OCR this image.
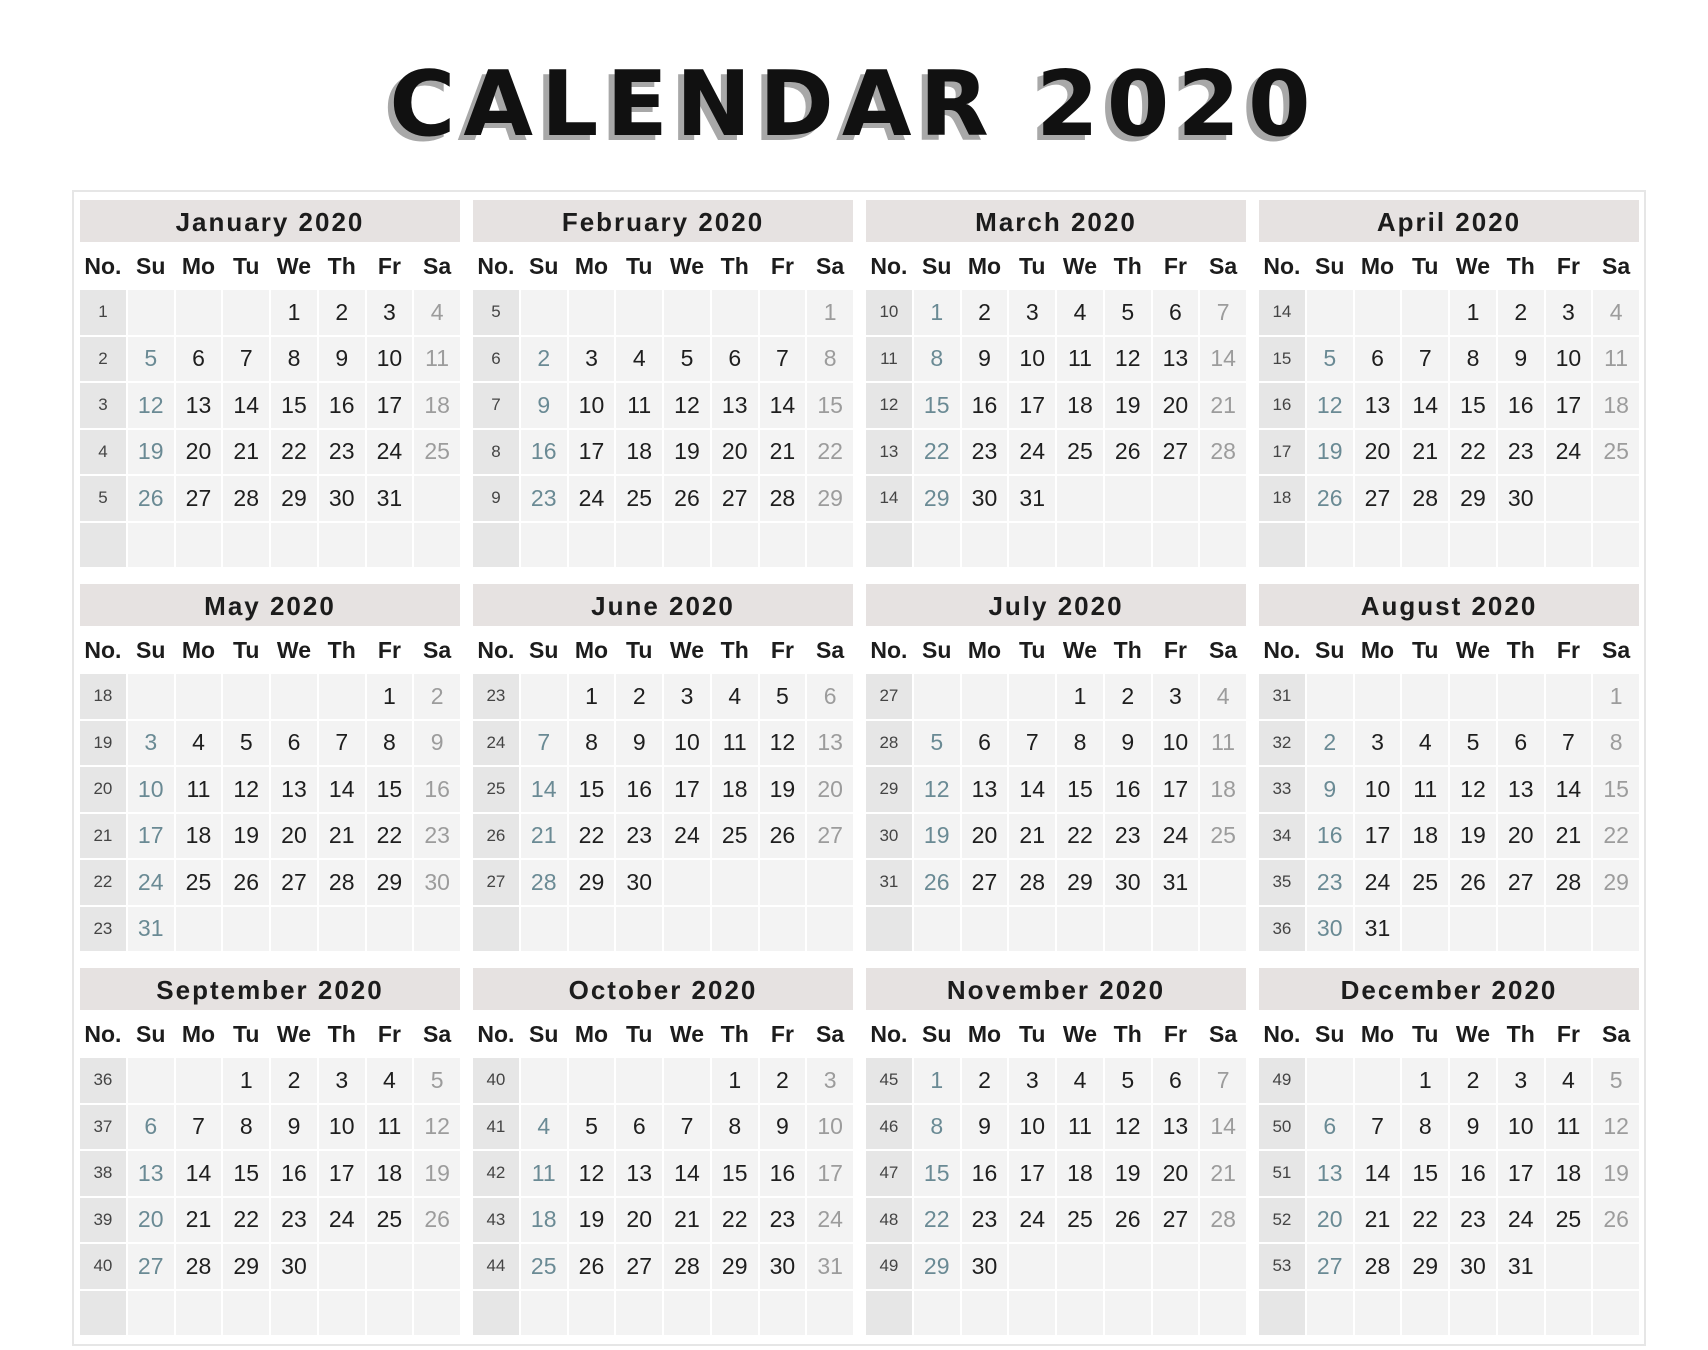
CALENDAR 2020
January 2020
No.	Su	Mo	Tu	We	Th	Fr	Sa
1				1	2	3	4
2	5	6	7	8	9	10	11
3	12	13	14	15	16	17	18
4	19	20	21	22	23	24	25
5	26	27	28	29	30	31	

February 2020
No.	Su	Mo	Tu	We	Th	Fr	Sa
5							1
6	2	3	4	5	6	7	8
7	9	10	11	12	13	14	15
8	16	17	18	19	20	21	22
9	23	24	25	26	27	28	29

March 2020
No.	Su	Mo	Tu	We	Th	Fr	Sa
10	1	2	3	4	5	6	7
11	8	9	10	11	12	13	14
12	15	16	17	18	19	20	21
13	22	23	24	25	26	27	28
14	29	30	31				

April 2020
No.	Su	Mo	Tu	We	Th	Fr	Sa
14				1	2	3	4
15	5	6	7	8	9	10	11
16	12	13	14	15	16	17	18
17	19	20	21	22	23	24	25
18	26	27	28	29	30		

May 2020
No.	Su	Mo	Tu	We	Th	Fr	Sa
18						1	2
19	3	4	5	6	7	8	9
20	10	11	12	13	14	15	16
21	17	18	19	20	21	22	23
22	24	25	26	27	28	29	30
23	31						
June 2020
No.	Su	Mo	Tu	We	Th	Fr	Sa
23		1	2	3	4	5	6
24	7	8	9	10	11	12	13
25	14	15	16	17	18	19	20
26	21	22	23	24	25	26	27
27	28	29	30				

July 2020
No.	Su	Mo	Tu	We	Th	Fr	Sa
27				1	2	3	4
28	5	6	7	8	9	10	11
29	12	13	14	15	16	17	18
30	19	20	21	22	23	24	25
31	26	27	28	29	30	31	

August 2020
No.	Su	Mo	Tu	We	Th	Fr	Sa
31							1
32	2	3	4	5	6	7	8
33	9	10	11	12	13	14	15
34	16	17	18	19	20	21	22
35	23	24	25	26	27	28	29
36	30	31					
September 2020
No.	Su	Mo	Tu	We	Th	Fr	Sa
36			1	2	3	4	5
37	6	7	8	9	10	11	12
38	13	14	15	16	17	18	19
39	20	21	22	23	24	25	26
40	27	28	29	30			

October 2020
No.	Su	Mo	Tu	We	Th	Fr	Sa
40					1	2	3
41	4	5	6	7	8	9	10
42	11	12	13	14	15	16	17
43	18	19	20	21	22	23	24
44	25	26	27	28	29	30	31

November 2020
No.	Su	Mo	Tu	We	Th	Fr	Sa
45	1	2	3	4	5	6	7
46	8	9	10	11	12	13	14
47	15	16	17	18	19	20	21
48	22	23	24	25	26	27	28
49	29	30					

December 2020
No.	Su	Mo	Tu	We	Th	Fr	Sa
49			1	2	3	4	5
50	6	7	8	9	10	11	12
51	13	14	15	16	17	18	19
52	20	21	22	23	24	25	26
53	27	28	29	30	31		
